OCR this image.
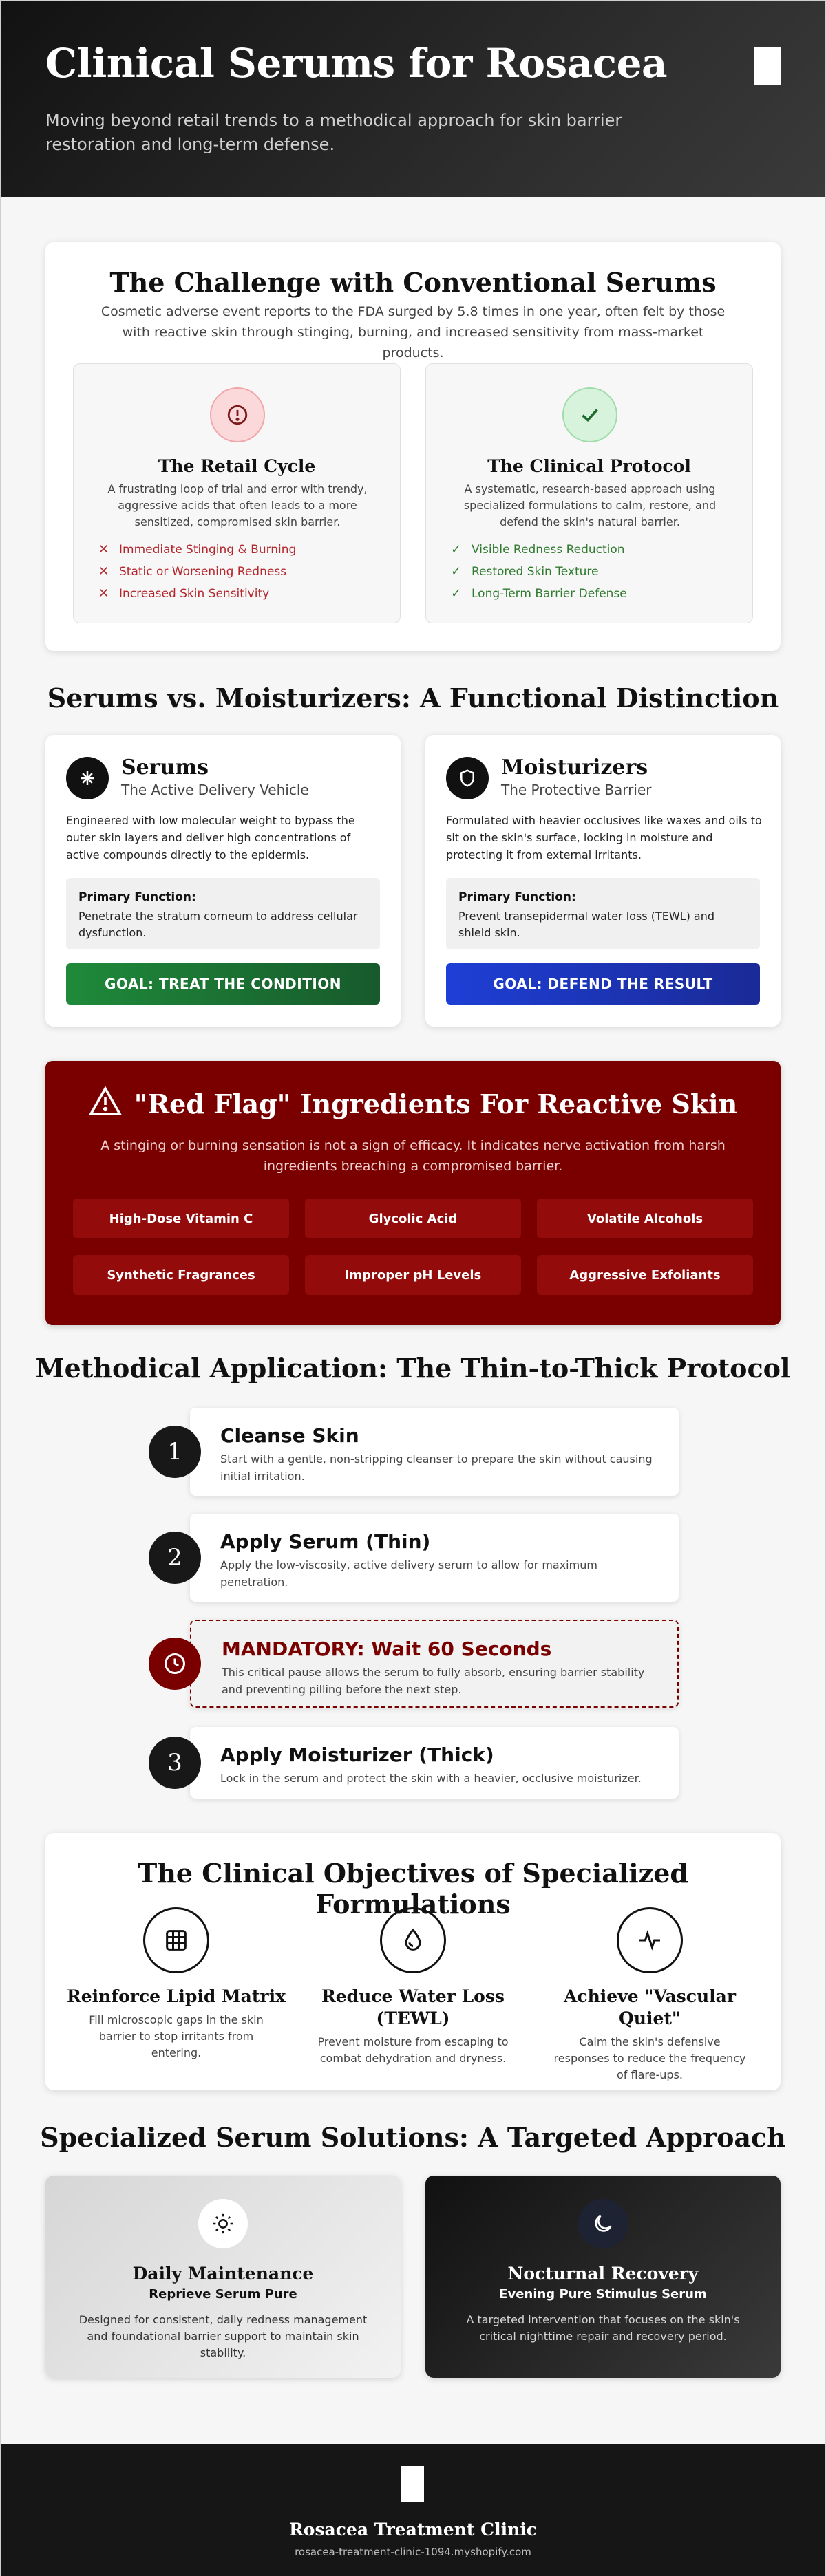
Clinical Serums for Rosacea
Moving beyond retail trends to a methodical approach for skin barrier restoration and long-term defense.
The Challenge with Conventional Serums
Cosmetic adverse event reports to the FDA surged by 5.8 times in one year, often felt by those with reactive skin through stinging, burning, and increased sensitivity from mass-market products.
The Retail Cycle

A frustrating loop of trial and error with trendy, aggressive acids that often leads to a more sensitized, compromised skin barrier.

✕ Immediate Stinging & Burning
✕ Static or Worsening Redness
✕ Increased Skin Sensitivity
The Clinical Protocol

A systematic, research-based approach using specialized formulations to calm, restore, and defend the skin's natural barrier.

✓ Visible Redness Reduction
✓ Restored Skin Texture
✓ Long-Term Barrier Defense
Serums vs. Moisturizers: A Functional Distinction
Serums
The Active Delivery Vehicle
Engineered with low molecular weight to bypass the outer skin layers and deliver high concentrations of active compounds directly to the epidermis.
Primary Function:
Penetrate the stratum corneum to address cellular dysfunction.
GOAL: TREAT THE CONDITION
Moisturizers
The Protective Barrier
Formulated with heavier occlusives like waxes and oils to sit on the skin's surface, locking in moisture and protecting it from external irritants.
Primary Function:
Prevent transepidermal water loss (TEWL) and shield skin.
GOAL: DEFEND THE RESULT
"Red Flag" Ingredients For Reactive Skin
A stinging or burning sensation is not a sign of efficacy. It indicates nerve activation from harsh ingredients breaching a compromised barrier.
High-Dose Vitamin C	Glycolic Acid	Volatile Alcohols
Synthetic Fragrances	Improper pH Levels	Aggressive Exfoliants
Methodical Application: The Thin-to-Thick Protocol
Cleanse Skin
Start with a gentle, non-stripping cleanser to prepare the skin without causing initial irritation.
1
Apply Serum (Thin)
Apply the low-viscosity, active delivery serum to allow for maximum penetration.
2
MANDATORY: Wait 60 Seconds
This critical pause allows the serum to fully absorb, ensuring barrier stability and preventing pilling before the next step.
Apply Moisturizer (Thick)
Lock in the serum and protect the skin with a heavier, occlusive moisturizer.
3
The Clinical Objectives of Specialized Formulations
Reinforce Lipid Matrix
Fill microscopic gaps in the skin barrier to stop irritants from entering.
Reduce Water Loss (TEWL)
Prevent moisture from escaping to combat dehydration and dryness.
Achieve "Vascular Quiet"
Calm the skin's defensive responses to reduce the frequency of flare-ups.
Specialized Serum Solutions: A Targeted Approach
Daily Maintenance
Reprieve Serum Pure
Designed for consistent, daily redness management and foundational barrier support to maintain skin stability.
Nocturnal Recovery
Evening Pure Stimulus Serum
A targeted intervention that focuses on the skin's critical nighttime repair and recovery period.
Rosacea Treatment Clinic
rosacea-treatment-clinic-1094.myshopify.com
